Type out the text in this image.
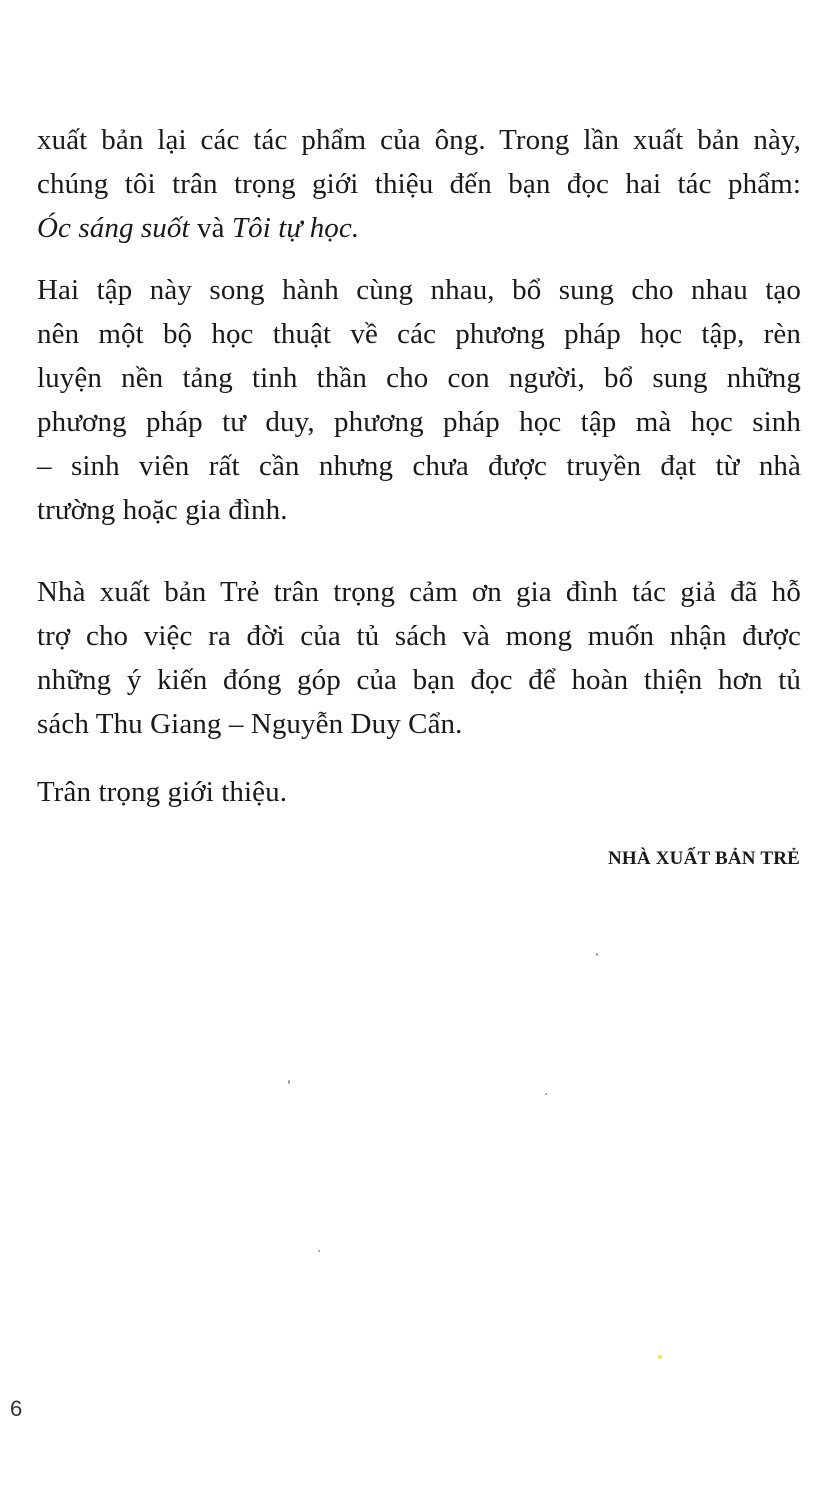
xuất bản lại các tác phẩm của ông. Trong lần xuất bản này,
chúng tôi trân trọng giới thiệu đến bạn đọc hai tác phẩm:
Óc sáng suốt và Tôi tự học.
Hai tập này song hành cùng nhau, bổ sung cho nhau tạo
nên một bộ học thuật về các phương pháp học tập, rèn
luyện nền tảng tinh thần cho con người, bổ sung những
phương pháp tư duy, phương pháp học tập mà học sinh
– sinh viên rất cần nhưng chưa được truyền đạt từ nhà
trường hoặc gia đình.
Nhà xuất bản Trẻ trân trọng cảm ơn gia đình tác giả đã hỗ
trợ cho việc ra đời của tủ sách và mong muốn nhận được
những ý kiến đóng góp của bạn đọc để hoàn thiện hơn tủ
sách Thu Giang – Nguyễn Duy Cẩn.
Trân trọng giới thiệu.
NHÀ XUẤT BẢN TRẺ
6
